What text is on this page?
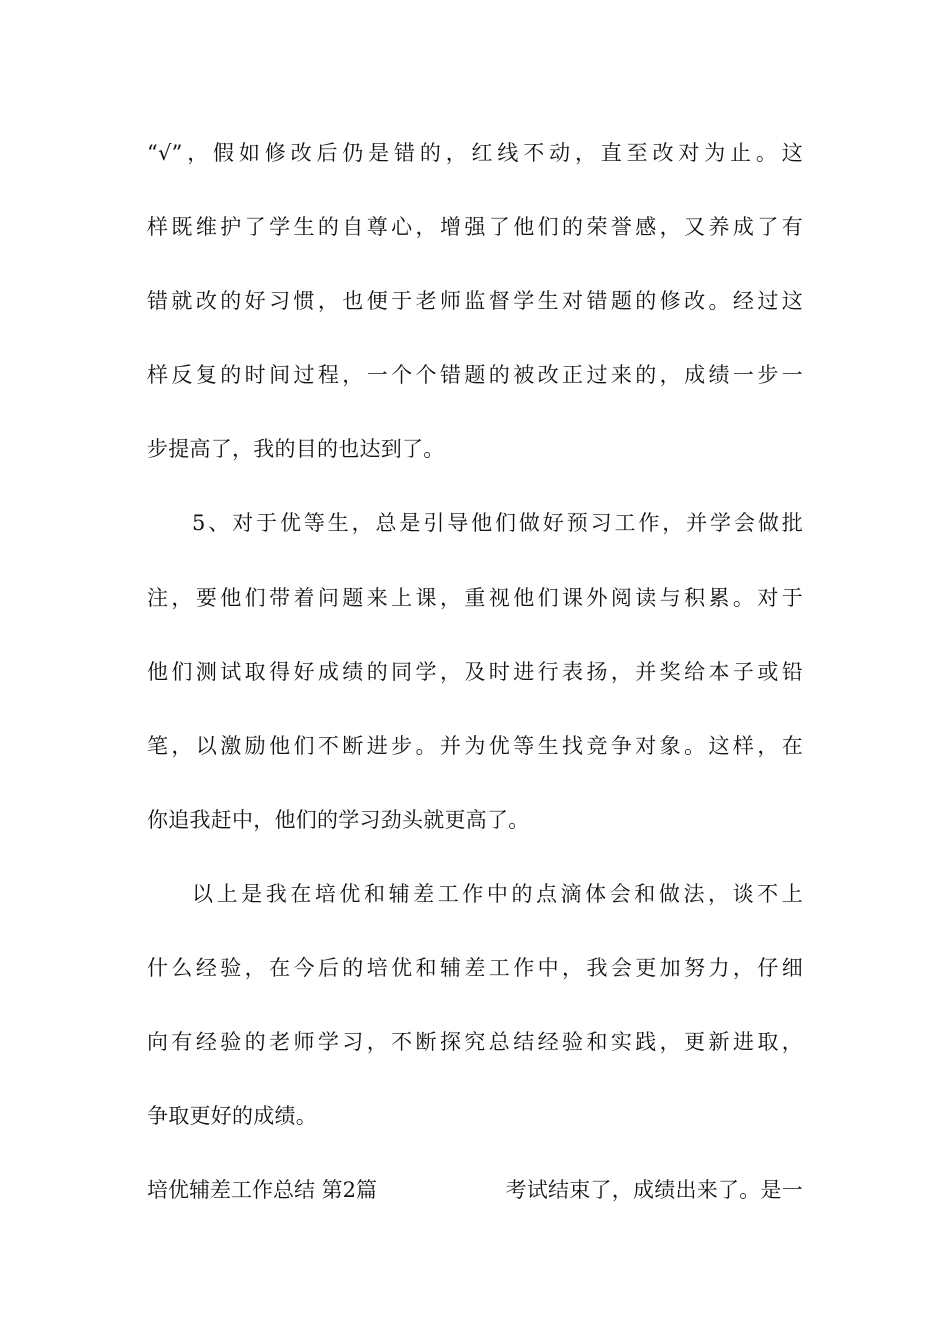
“√”，假如修改后仍是错的，红线不动，直至改对为止。这
样既维护了学生的自尊心，增强了他们的荣誉感，又养成了有
错就改的好习惯，也便于老师监督学生对错题的修改。经过这
样反复的时间过程，一个个错题的被改正过来的，成绩一步一
步提高了，我的目的也达到了。
5、对于优等生，总是引导他们做好预习工作，并学会做批
注，要他们带着问题来上课，重视他们课外阅读与积累。对于
他们测试取得好成绩的同学，及时进行表扬，并奖给本子或铅
笔，以激励他们不断进步。并为优等生找竞争对象。这样，在
你追我赶中，他们的学习劲头就更高了。
以上是我在培优和辅差工作中的点滴体会和做法，谈不上
什么经验，在今后的培优和辅差工作中，我会更加努力，仔细
向有经验的老师学习，不断探究总结经验和实践，更新进取，
争取更好的成绩。
培优辅差工作总结 第2篇	考试结束了，成绩出来了。是一
